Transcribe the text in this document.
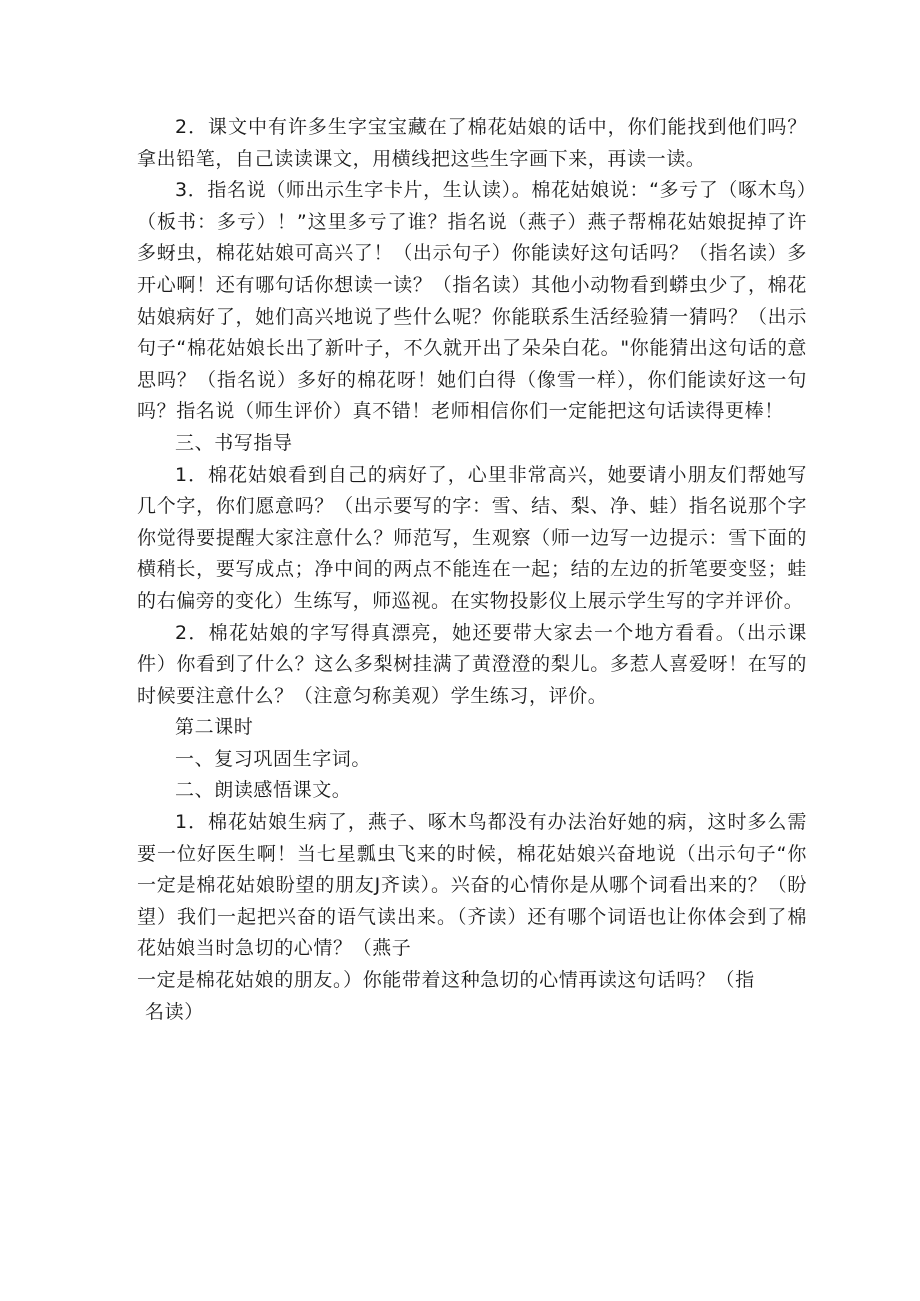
2．课文中有许多生字宝宝藏在了棉花姑娘的话中，你们能找到他们吗？拿出铅笔，自己读读课文，用横线把这些生字画下来，再读一读。

3．指名说（师出示生字卡片，生认读）。棉花姑娘说：“多亏了（啄木鸟）（板书：多亏）！”这里多亏了谁？指名说（燕子）燕子帮棉花姑娘捉掉了许多蚜虫，棉花姑娘可高兴了！（出示句子）你能读好这句话吗？（指名读）多开心啊！还有哪句话你想读一读？（指名读）其他小动物看到蟒虫少了，棉花姑娘病好了，她们高兴地说了些什么呢？你能联系生活经验猜一猜吗？（出示句子“棉花姑娘长出了新叶子，不久就开出了朵朵白花。"你能猜出这句话的意思吗？（指名说）多好的棉花呀！她们白得（像雪一样），你们能读好这一句吗？指名说（师生评价）真不错！老师相信你们一定能把这句话读得更棒！

三、书写指导

1．棉花姑娘看到自己的病好了，心里非常高兴，她要请小朋友们帮她写几个字，你们愿意吗？（出示要写的字：雪、结、梨、净、蛙）指名说那个字你觉得要提醒大家注意什么？师范写，生观察（师一边写一边提示：雪下面的横稍长，要写成点；净中间的两点不能连在一起；结的左边的折笔要变竖；蛙的右偏旁的变化）生练写，师巡视。在实物投影仪上展示学生写的字并评价。

2．棉花姑娘的字写得真漂亮，她还要带大家去一个地方看看。（出示课件）你看到了什么？这么多梨树挂满了黄澄澄的梨儿。多惹人喜爱呀！在写的时候要注意什么？（注意匀称美观）学生练习，评价。

第二课时

一、复习巩固生字词。

二、朗读感悟课文。

1．棉花姑娘生病了，燕子、啄木鸟都没有办法治好她的病，这时多么需要一位好医生啊！当七星瓢虫飞来的时候，棉花姑娘兴奋地说（出示句子“你一定是棉花姑娘盼望的朋友J齐读）。兴奋的心情你是从哪个词看出来的？（盼望）我们一起把兴奋的语气读出来。（齐读）还有哪个词语也让你体会到了棉花姑娘当时急切的心情？（燕子

一定是棉花姑娘的朋友。）你能带着这种急切的心情再读这句话吗？（指

名读）
